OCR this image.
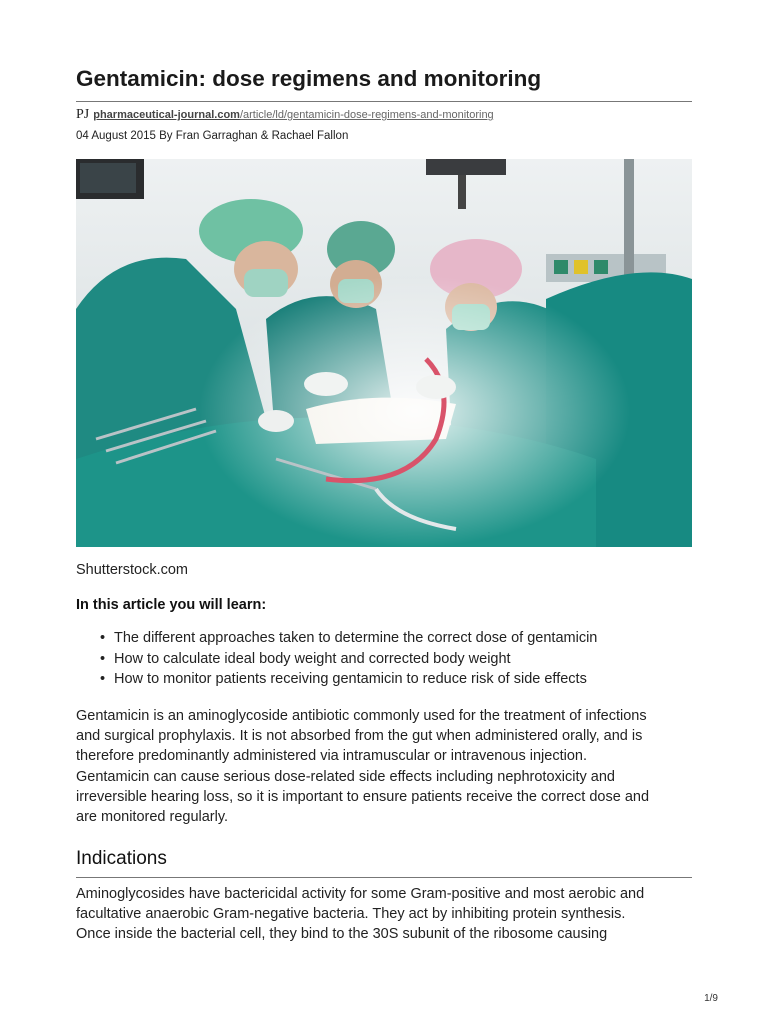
Gentamicin: dose regimens and monitoring
PJ pharmaceutical-journal.com/article/ld/gentamicin-dose-regimens-and-monitoring
04 August 2015 By Fran Garraghan & Rachael Fallon
Shutterstock.com
In this article you will learn:
• The different approaches taken to determine the correct dose of gentamicin
• How to calculate ideal body weight and corrected body weight
• How to monitor patients receiving gentamicin to reduce risk of side effects
Gentamicin is an aminoglycoside antibiotic commonly used for the treatment of infections
and surgical prophylaxis. It is not absorbed from the gut when administered orally, and is
therefore predominantly administered via intramuscular or intravenous injection.
Gentamicin can cause serious dose-related side effects including nephrotoxicity and
irreversible hearing loss, so it is important to ensure patients receive the correct dose and
are monitored regularly.
Indications
Aminoglycosides have bactericidal activity for some Gram-positive and most aerobic and
facultative anaerobic Gram-negative bacteria. They act by inhibiting protein synthesis.
Once inside the bacterial cell, they bind to the 30S subunit of the ribosome causing
1/9
